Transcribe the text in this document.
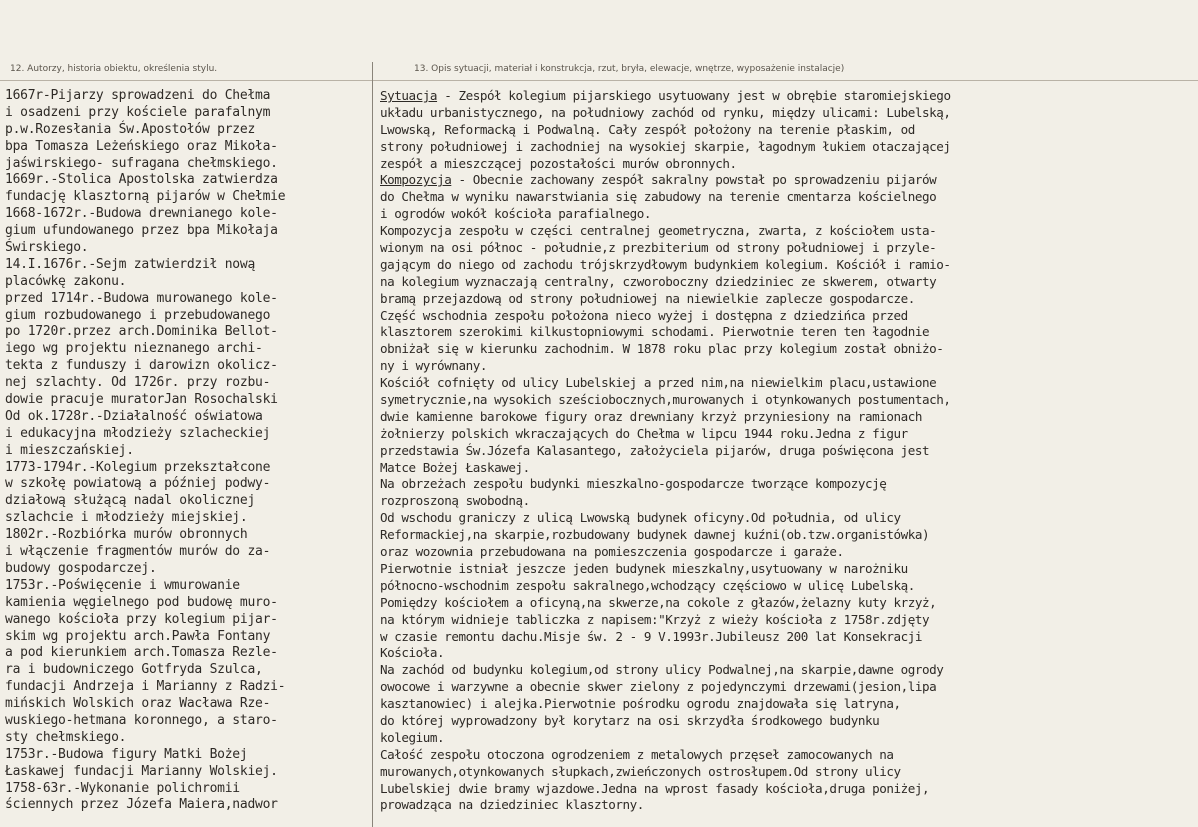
12. Autorzy, historia obiektu, określenia stylu.	13. Opis sytuacji, materiał i konstrukcja, rzut, bryła, elewacje, wnętrze, wyposażenie instalacje)
1667r-Pijarzy sprowadzeni do Chełma
i osadzeni przy kościele parafalnym
p.w.Rozesłania Św.Apostołów przez
bpa Tomasza Leżeńskiego oraz Mikoła-
jaświrskiego- sufragana chełmskiego.
1669r.-Stolica Apostolska zatwierdza
fundację klasztorną pijarów w Chełmie
1668-1672r.-Budowa drewnianego kole-
gium ufundowanego przez bpa Mikołaja
Świrskiego.
14.I.1676r.-Sejm zatwierdził nową
placówkę zakonu.
przed 1714r.-Budowa murowanego kole-
gium rozbudowanego i przebudowanego
po 1720r.przez arch.Dominika Bellot-
iego wg projektu nieznanego archi-
tekta z funduszy i darowizn okolicz-
nej szlachty. Od 1726r. przy rozbu-
dowie pracuje muratorJan Rosochalski
Od ok.1728r.-Działalność oświatowa
i edukacyjna młodzieży szlacheckiej
i mieszczańskiej.
1773-1794r.-Kolegium przekształcone
w szkołę powiatową a później podwy-
działową służącą nadal okolicznej
szlachcie i młodzieży miejskiej.
1802r.-Rozbiórka murów obronnych
i włączenie fragmentów murów do za-
budowy gospodarczej.
1753r.-Poświęcenie i wmurowanie
kamienia węgielnego pod budowę muro-
wanego kościoła przy kolegium pijar-
skim wg projektu arch.Pawła Fontany
a pod kierunkiem arch.Tomasza Rezle-
ra i budowniczego Gotfryda Szulca,
fundacji Andrzeja i Marianny z Radzi-
mińskich Wolskich oraz Wacława Rze-
wuskiego-hetmana koronnego, a staro-
sty chełmskiego.
1753r.-Budowa figury Matki Bożej
Łaskawej fundacji Marianny Wolskiej.
1758-63r.-Wykonanie polichromii
ściennych przez Józefa Maiera,nadwor
Sytuacja - Zespół kolegium pijarskiego usytuowany jest w obrębie staromiejskiego
układu urbanistycznego, na południowy zachód od rynku, między ulicami: Lubelską,
Lwowską, Reformacką i Podwalną. Cały zespół położony na terenie płaskim, od
strony południowej i zachodniej na wysokiej skarpie, łagodnym łukiem otaczającej
zespół a mieszczącej pozostałości murów obronnych.
Kompozycja - Obecnie zachowany zespół sakralny powstał po sprowadzeniu pijarów
do Chełma w wyniku nawarstwiania się zabudowy na terenie cmentarza kościelnego
i ogrodów wokół kościoła parafialnego.
Kompozycja zespołu w części centralnej geometryczna, zwarta, z kościołem usta-
wionym na osi północ - południe,z prezbiterium od strony południowej i przyle-
gającym do niego od zachodu trójskrzydłowym budynkiem kolegium. Kościół i ramio-
na kolegium wyznaczają centralny, czworoboczny dziedziniec ze skwerem, otwarty
bramą przejazdową od strony południowej na niewielkie zaplecze gospodarcze.
Część wschodnia zespołu położona nieco wyżej i dostępna z dziedzińca przed
klasztorem szerokimi kilkustopniowymi schodami. Pierwotnie teren ten łagodnie
obniżał się w kierunku zachodnim. W 1878 roku plac przy kolegium został obniżo-
ny i wyrównany.
Kościół cofnięty od ulicy Lubelskiej a przed nim,na niewielkim placu,ustawione
symetrycznie,na wysokich sześciobocznych,murowanych i otynkowanych postumentach,
dwie kamienne barokowe figury oraz drewniany krzyż przyniesiony na ramionach
żołnierzy polskich wkraczających do Chełma w lipcu 1944 roku.Jedna z figur
przedstawia Św.Józefa Kalasantego, założyciela pijarów, druga poświęcona jest
Matce Bożej Łaskawej.
Na obrzeżach zespołu budynki mieszkalno-gospodarcze tworzące kompozycję
rozproszoną swobodną.
Od wschodu graniczy z ulicą Lwowską budynek oficyny.Od południa, od ulicy
Reformackiej,na skarpie,rozbudowany budynek dawnej kuźni(ob.tzw.organistówka)
oraz wozownia przebudowana na pomieszczenia gospodarcze i garaże.
Pierwotnie istniał jeszcze jeden budynek mieszkalny,usytuowany w narożniku
północno-wschodnim zespołu sakralnego,wchodzący częściowo w ulicę Lubelską.
Pomiędzy kościołem a oficyną,na skwerze,na cokole z głazów,żelazny kuty krzyż,
na którym widnieje tabliczka z napisem:"Krzyż z wieży kościoła z 1758r.zdjęty
w czasie remontu dachu.Misje św. 2 - 9 V.1993r.Jubileusz 200 lat Konsekracji
Kościoła.
Na zachód od budynku kolegium,od strony ulicy Podwalnej,na skarpie,dawne ogrody
owocowe i warzywne a obecnie skwer zielony z pojedynczymi drzewami(jesion,lipa
kasztanowiec) i alejka.Pierwotnie pośrodku ogrodu znajdowała się latryna,
do której wyprowadzony był korytarz na osi skrzydła środkowego budynku
kolegium.
Całość zespołu otoczona ogrodzeniem z metalowych przęseł zamocowanych na
murowanych,otynkowanych słupkach,zwieńczonych ostrosłupem.Od strony ulicy
Lubelskiej dwie bramy wjazdowe.Jedna na wprost fasady kościoła,druga poniżej,
prowadząca na dziedziniec klasztorny.
